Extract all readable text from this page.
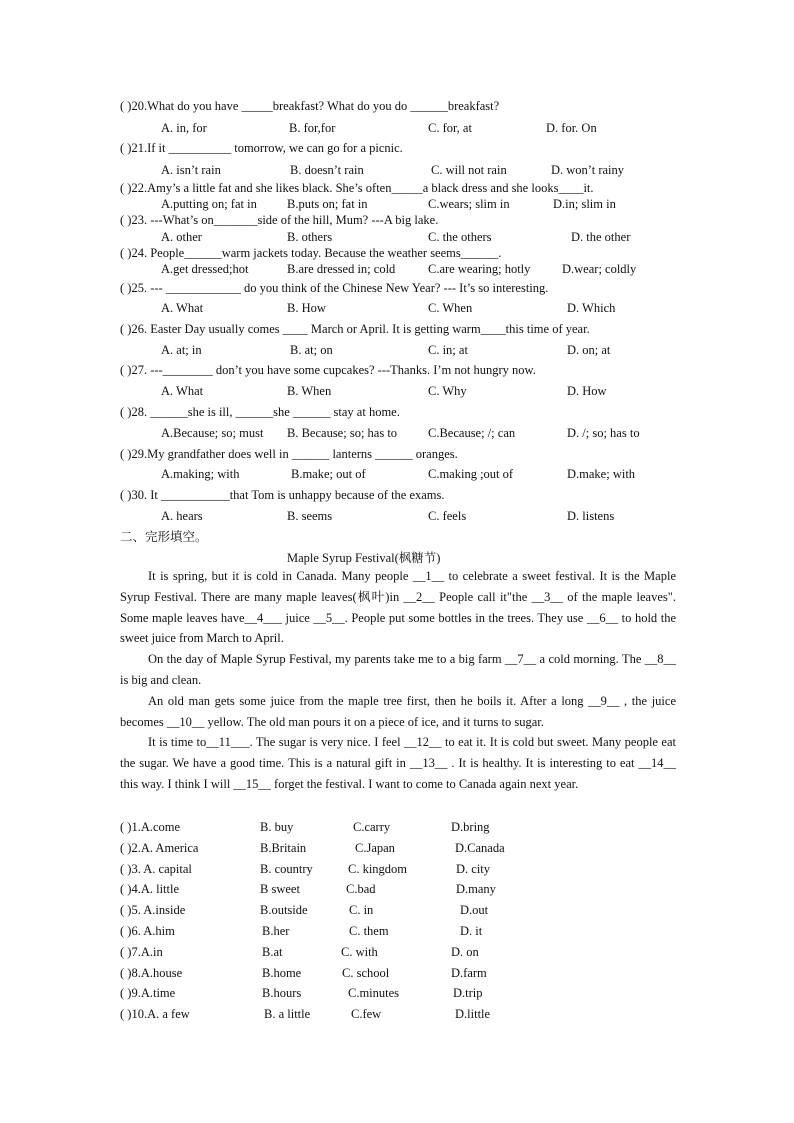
( )20.What do you have _____breakfast? What do you do ______breakfast?
A. in, for	B. for,for	C. for, at	D. for. On
( )21.If it __________ tomorrow, we can go for a picnic.
A. isn’t rain	B. doesn’t rain	C. will not rain	D. won’t rainy
( )22.Amy’s a little fat and she likes black. She’s often_____a black dress and she looks____it.
A.putting on; fat in B.puts on; fat in	C.wears; slim in	D.in; slim in
( )23. ---What’s on_______side of the hill, Mum? ---A big lake.
A. other	B. others	C. the others	D. the other
( )24. People______warm jackets today. Because the weather seems______.
A.get dressed;hot	B.are dressed in; cold	C.are wearing; hotly	D.wear; coldly
( )25. --- ____________ do you think of the Chinese New Year? --- It’s so interesting.
A. What	B. How	C. When	D. Which
( )26. Easter Day usually comes ____ March or April. It is getting warm____this time of year.
A. at; in	B. at; on	C. in; at	D. on; at
( )27. ---________ don’t you have some cupcakes? ---Thanks. I’m not hungry now.
A. What	B. When	C. Why	D. How
( )28. ______she is ill, ______she ______ stay at home.
A.Because; so; must B. Because; so; has to C.Because; /; can	D. /; so; has to
( )29.My grandfather does well in ______ lanterns ______ oranges.
A.making; with	B.make; out of	C.making ;out of	D.make; with
( )30. It ___________that Tom is unhappy because of the exams.
A. hears	B. seems	C. feels	D. listens
二、完形填空。
Maple Syrup Festival(枫糖节)

It is spring, but it is cold in Canada. Many people __1__ to celebrate a sweet festival. It is the Maple Syrup Festival. There are many maple leaves(枫叶)in __2__ People call it"the __3__ of the maple leaves". Some maple leaves have__4___ juice __5__. People put some bottles in the trees. They use __6__ to hold the sweet juice from March to April.

On the day of Maple Syrup Festival, my parents take me to a big farm __7__ a cold morning. The __8__ is big and clean.

An old man gets some juice from the maple tree first, then he boils it. After a long __9__ , the juice becomes __10__ yellow. The old man pours it on a piece of ice, and it turns to sugar.

It is time to__11___. The sugar is very nice. I feel __12__ to eat it. It is cold but sweet. Many people eat the sugar. We have a good time. This is a natural gift in __13__ . It is healthy. It is interesting to eat __14__ this way. I think I will __15__ forget the festival. I want to come to Canada again next year.

( )1.A.come	B. buy	C.carry	D.bring
( )2.A. America	B.Britain	C.Japan	D.Canada
( )3. A. capital	B. country	C. kingdom	D. city
( )4.A. little	B sweet	C.bad	D.many
( )5. A.inside	B.outside	C. in	D.out
( )6. A.him	B.her	C. them	D. it
( )7.A.in	B.at	C. with	D. on
( )8.A.house	B.home	C. school	D.farm
( )9.A.time	B.hours	C.minutes	D.trip
( )10.A. a few	B. a little	C.few	D.little
